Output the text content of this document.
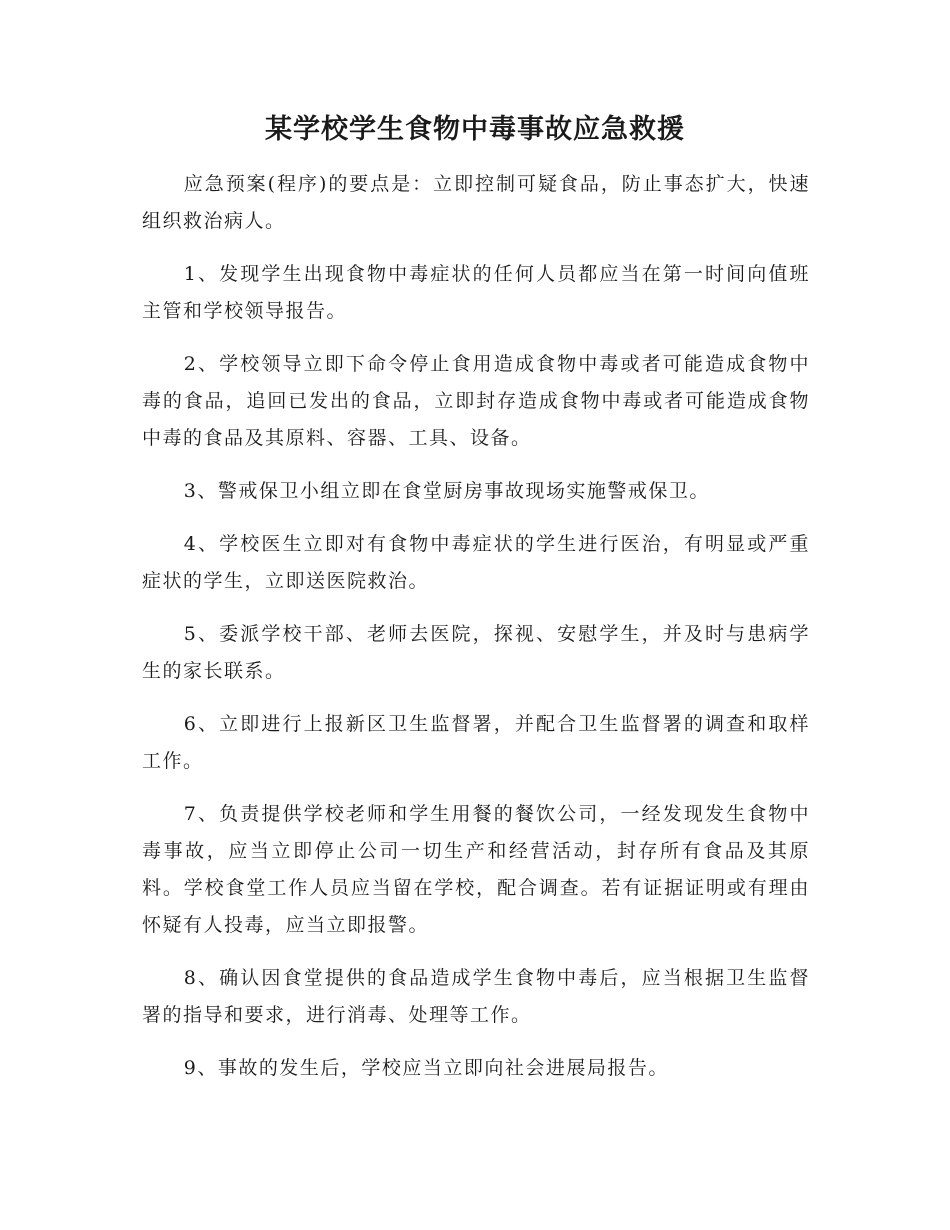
某学校学生食物中毒事故应急救援

应急预案(程序)的要点是：立即控制可疑食品，防止事态扩大，快速组织救治病人。

1、发现学生出现食物中毒症状的任何人员都应当在第一时间向值班主管和学校领导报告。

2、学校领导立即下命令停止食用造成食物中毒或者可能造成食物中毒的食品，追回已发出的食品，立即封存造成食物中毒或者可能造成食物中毒的食品及其原料、容器、工具、设备。

3、警戒保卫小组立即在食堂厨房事故现场实施警戒保卫。

4、学校医生立即对有食物中毒症状的学生进行医治，有明显或严重症状的学生，立即送医院救治。

5、委派学校干部、老师去医院，探视、安慰学生，并及时与患病学生的家长联系。

6、立即进行上报新区卫生监督署，并配合卫生监督署的调查和取样工作。

7、负责提供学校老师和学生用餐的餐饮公司，一经发现发生食物中毒事故，应当立即停止公司一切生产和经营活动，封存所有食品及其原料。学校食堂工作人员应当留在学校，配合调查。若有证据证明或有理由怀疑有人投毒，应当立即报警。

8、确认因食堂提供的食品造成学生食物中毒后，应当根据卫生监督署的指导和要求，进行消毒、处理等工作。

9、事故的发生后，学校应当立即向社会进展局报告。
